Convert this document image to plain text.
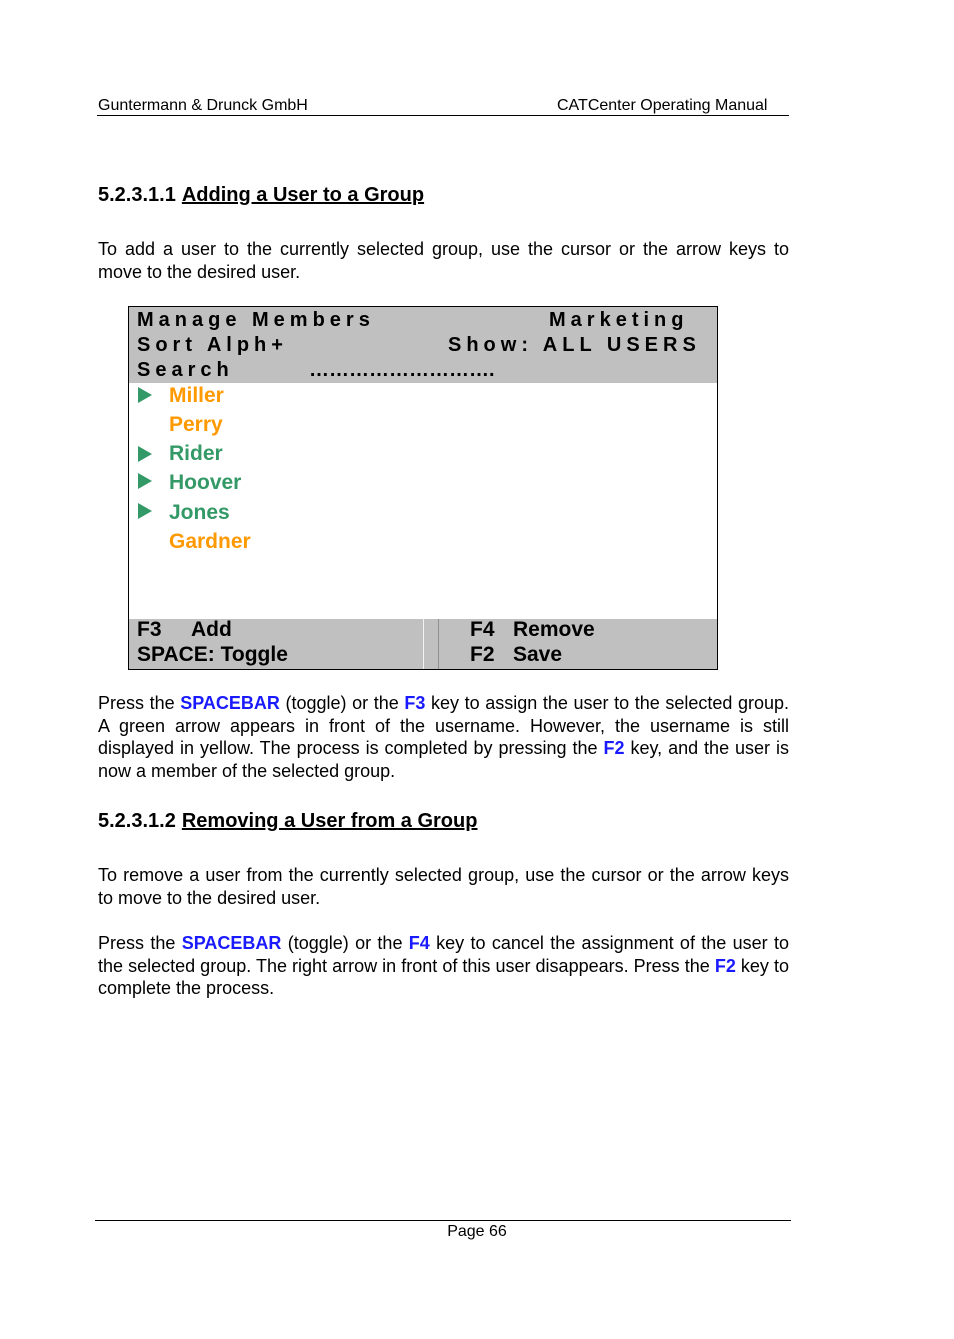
Guntermann & Drunck GmbH	CATCenter Operating Manual
5.2.3.1.1 Adding a User to a Group
To add a user to the currently selected group, use the cursor or the arrow keys to move to the desired user.
Manage Members	Marketing
Sort Alph+	Show: ALL USERS
Search	……………………….
Miller
Perry
Rider
Hoover
Jones
Gardner
F3 Add
SPACE: Toggle
F4 Remove
F2 Save
Press the SPACEBAR (toggle) or the F3 key to assign the user to the selected group. A green arrow appears in front of the username. However, the username is still displayed in yellow. The process is completed by pressing the F2 key, and the user is now a member of the selected group.
5.2.3.1.2 Removing a User from a Group
To remove a user from the currently selected group, use the cursor or the arrow keys to move to the desired user.
Press the SPACEBAR (toggle) or the F4 key to cancel the assignment of the user to the selected group. The right arrow in front of this user disappears. Press the F2 key to complete the process.
Page 66
